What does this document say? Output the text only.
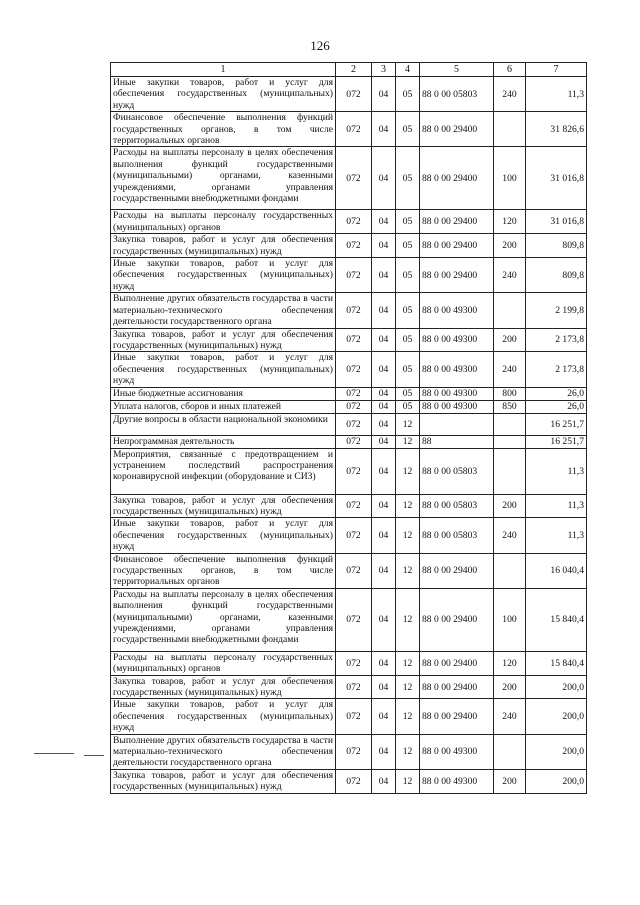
126
1	2	3	4	5	6	7
Иные закупки товаров, работ и услуг для обеспечения государственных (муниципальных) нужд	072	04	05	88 0 00 05803	240	11,3
Финансовое обеспечение выполнения функций государственных органов, в том числе территориальных органов	072	04	05	88 0 00 29400		31 826,6
Расходы на выплаты персоналу в целях обеспечения выполнения функций государственными (муниципальными) органами, казенными учреждениями, органами управления государственными внебюджетными фондами	072	04	05	88 0 00 29400	100	31 016,8
Расходы на выплаты персоналу государственных (муниципальных) органов	072	04	05	88 0 00 29400	120	31 016,8
Закупка товаров, работ и услуг для обеспечения государственных (муниципальных) нужд	072	04	05	88 0 00 29400	200	809,8
Иные закупки товаров, работ и услуг для обеспечения государственных (муниципальных) нужд	072	04	05	88 0 00 29400	240	809,8
Выполнение других обязательств государства в части материально-технического обеспечения деятельности государственного органа	072	04	05	88 0 00 49300		2 199,8
Закупка товаров, работ и услуг для обеспечения государственных (муниципальных) нужд	072	04	05	88 0 00 49300	200	2 173,8
Иные закупки товаров, работ и услуг для обеспечения государственных (муниципальных) нужд	072	04	05	88 0 00 49300	240	2 173,8
Иные бюджетные ассигнования	072	04	05	88 0 00 49300	800	26,0
Уплата налогов, сборов и иных платежей	072	04	05	88 0 00 49300	850	26,0
Другие вопросы в области национальной экономики	072	04	12			16 251,7
Непрограммная деятельность	072	04	12	88		16 251,7
Мероприятия, связанные с предотвращением и устранением последствий распространения коронавирусной инфекции (оборудование и СИЗ)	072	04	12	88 0 00 05803		11,3
Закупка товаров, работ и услуг для обеспечения государственных (муниципальных) нужд	072	04	12	88 0 00 05803	200	11,3
Иные закупки товаров, работ и услуг для обеспечения государственных (муниципальных) нужд	072	04	12	88 0 00 05803	240	11,3
Финансовое обеспечение выполнения функций государственных органов, в том числе территориальных органов	072	04	12	88 0 00 29400		16 040,4
Расходы на выплаты персоналу в целях обеспечения выполнения функций государственными (муниципальными) органами, казенными учреждениями, органами управления государственными внебюджетными фондами	072	04	12	88 0 00 29400	100	15 840,4
Расходы на выплаты персоналу государственных (муниципальных) органов	072	04	12	88 0 00 29400	120	15 840,4
Закупка товаров, работ и услуг для обеспечения государственных (муниципальных) нужд	072	04	12	88 0 00 29400	200	200,0
Иные закупки товаров, работ и услуг для обеспечения государственных (муниципальных) нужд	072	04	12	88 0 00 29400	240	200,0
Выполнение других обязательств государства в части материально-технического обеспечения деятельности государственного органа	072	04	12	88 0 00 49300		200,0
Закупка товаров, работ и услуг для обеспечения государственных (муниципальных) нужд	072	04	12	88 0 00 49300	200	200,0
